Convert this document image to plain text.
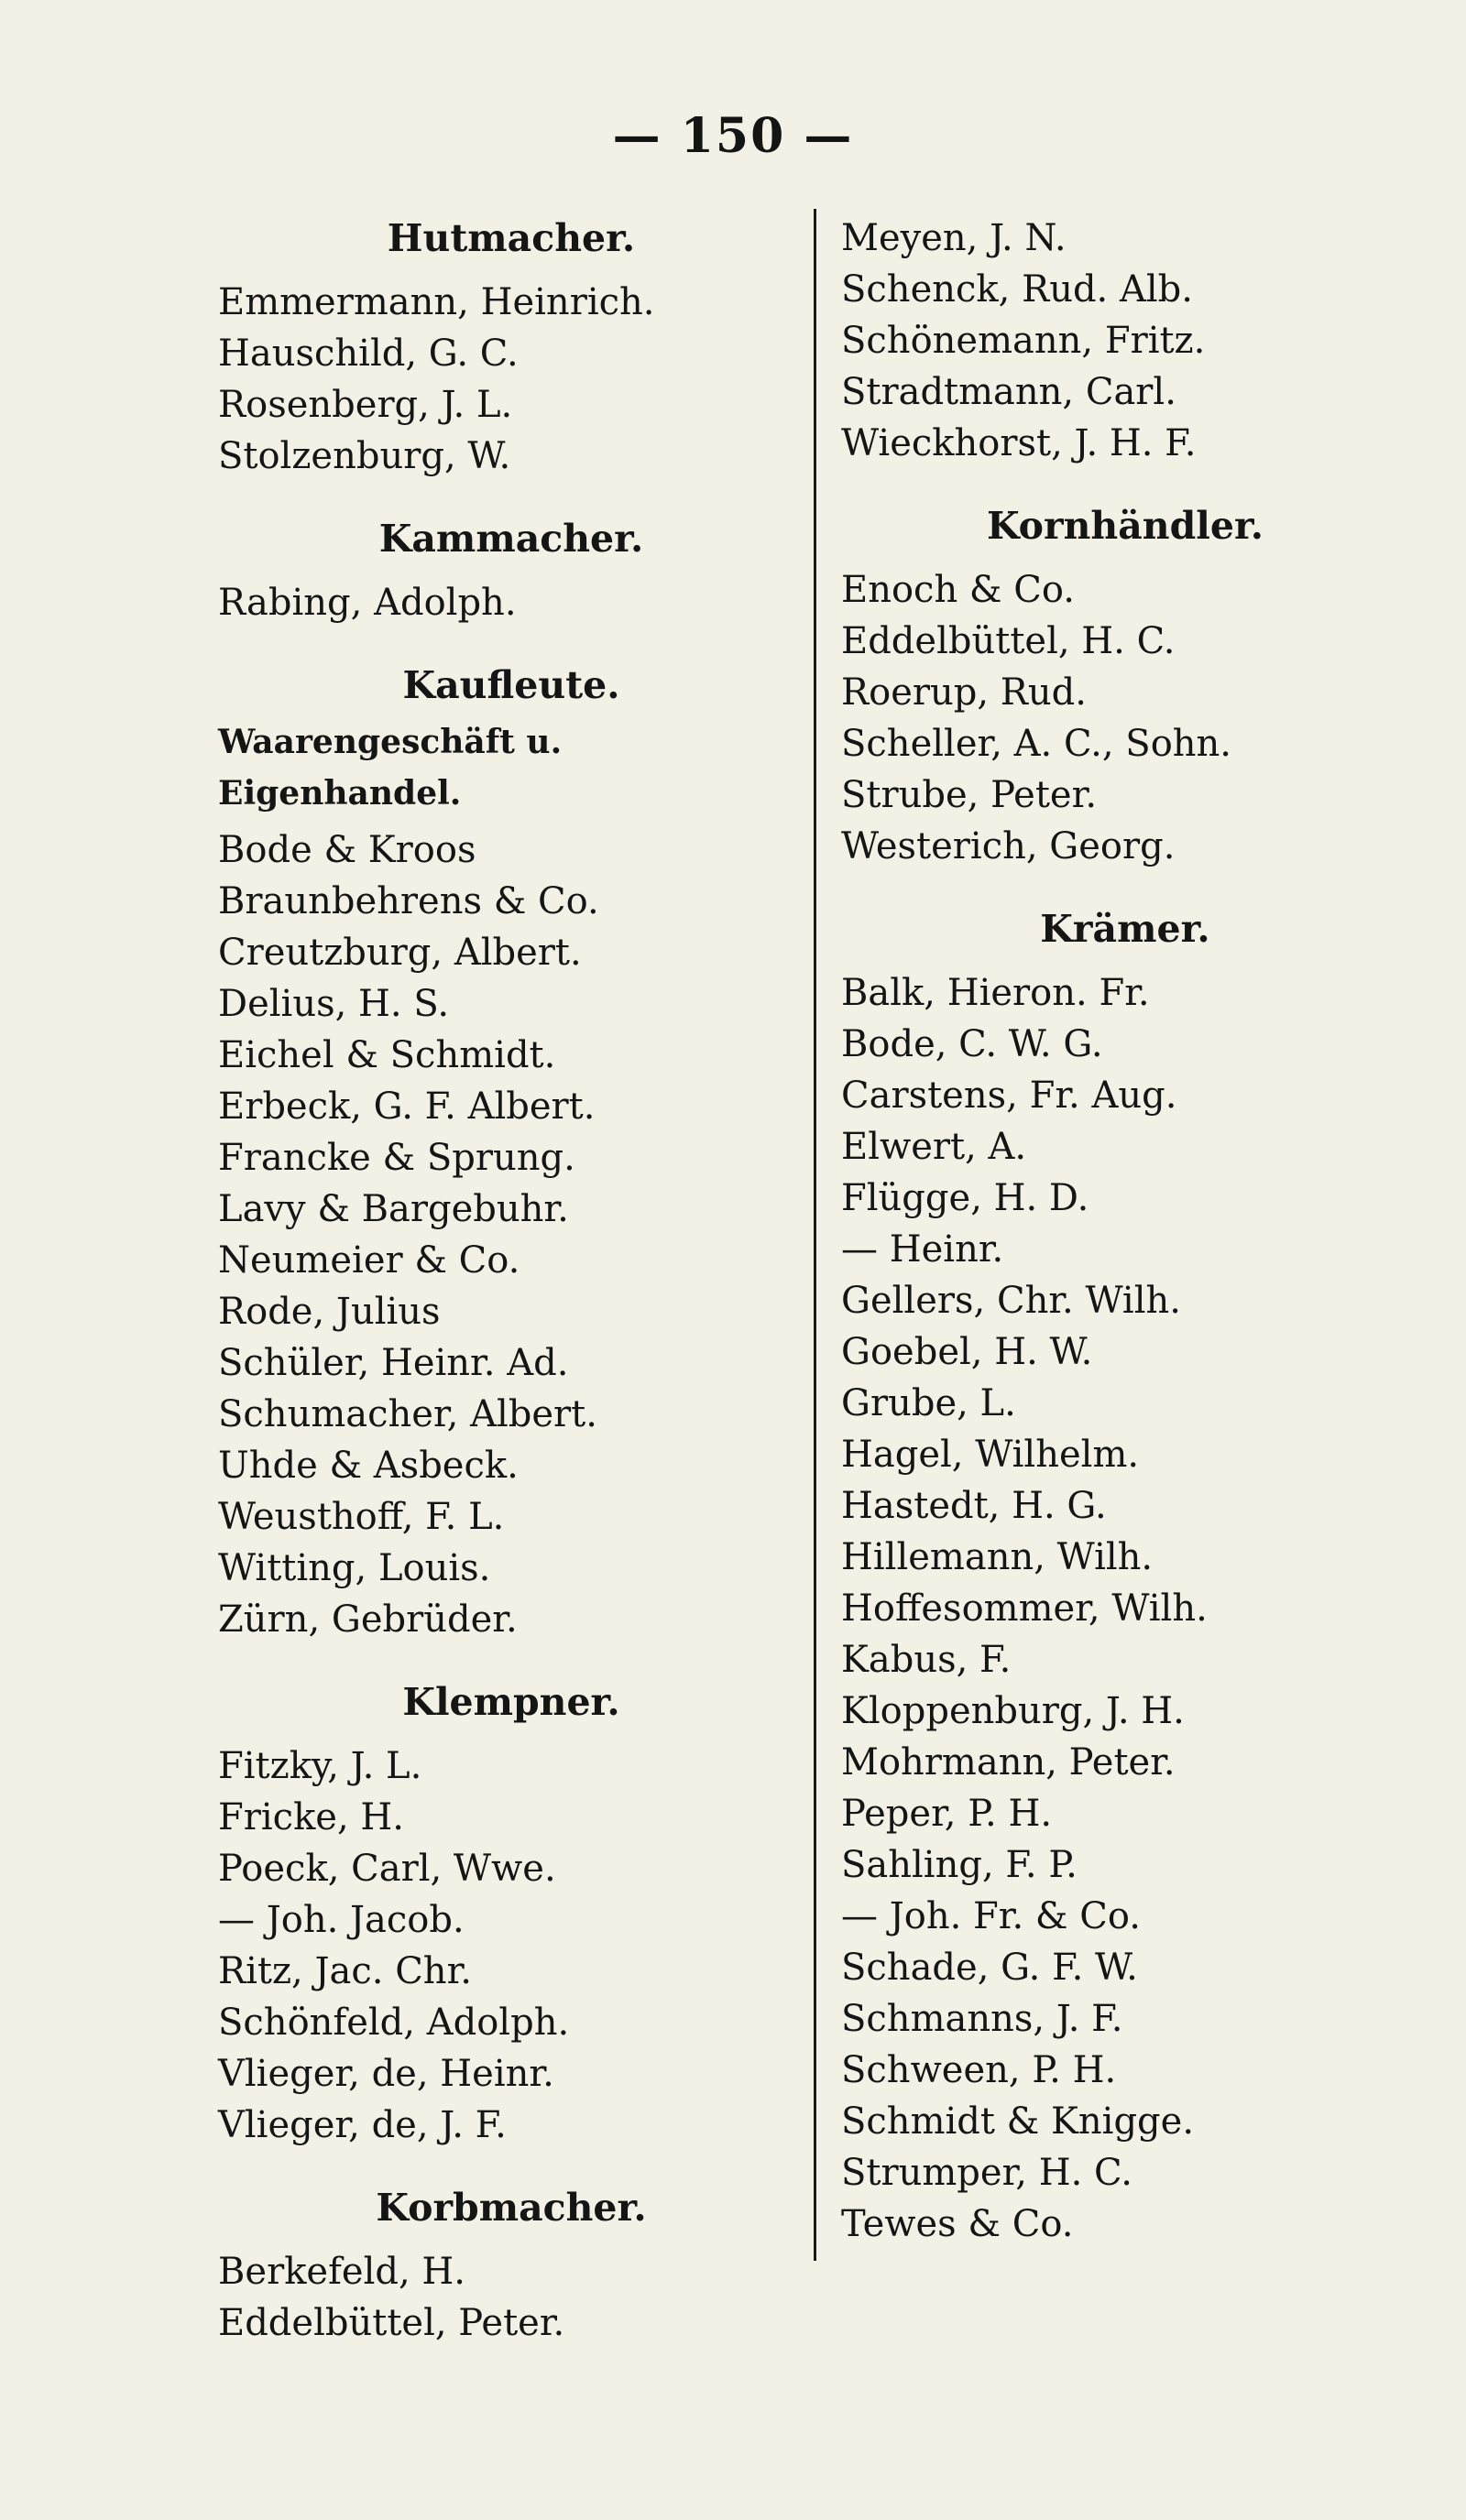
— 150 —

Hutmacher.
Emmermann, Heinrich.
Hauschild, G. C.
Rosenberg, J. L.
Stolzenburg, W.
Kammacher.
Rabing, Adolph.
Kaufleute.
Waarengeschäft u. Eigenhandel.
Bode & Kroos
Braunbehrens & Co.
Creutzburg, Albert.
Delius, H. S.
Eichel & Schmidt.
Erbeck, G. F. Albert.
Francke & Sprung.
Lavy & Bargebuhr.
Neumeier & Co.
Rode, Julius
Schüler, Heinr. Ad.
Schumacher, Albert.
Uhde & Asbeck.
Weusthoff, F. L.
Witting, Louis.
Zürn, Gebrüder.
Klempner.
Fitzky, J. L.
Fricke, H.
Poeck, Carl, Wwe.
— Joh. Jacob.
Ritz, Jac. Chr.
Schönfeld, Adolph.
Vlieger, de, Heinr.
Vlieger, de, J. F.
Korbmacher.
Berkefeld, H.
Eddelbüttel, Peter.
Meyen, J. N.
Schenck, Rud. Alb.
Schönemann, Fritz.
Stradtmann, Carl.
Wieckhorst, J. H. F.
Kornhändler.
Enoch & Co.
Eddelbüttel, H. C.
Roerup, Rud.
Scheller, A. C., Sohn.
Strube, Peter.
Westerich, Georg.
Krämer.
Balk, Hieron. Fr.
Bode, C. W. G.
Carstens, Fr. Aug.
Elwert, A.
Flügge, H. D.
— Heinr.
Gellers, Chr. Wilh.
Goebel, H. W.
Grube, L.
Hagel, Wilhelm.
Hastedt, H. G.
Hillemann, Wilh.
Hoffesommer, Wilh.
Kabus, F.
Kloppenburg, J. H.
Mohrmann, Peter.
Peper, P. H.
Sahling, F. P.
— Joh. Fr. & Co.
Schade, G. F. W.
Schmanns, J. F.
Schween, P. H.
Schmidt & Knigge.
Strumper, H. C.
Tewes & Co.
